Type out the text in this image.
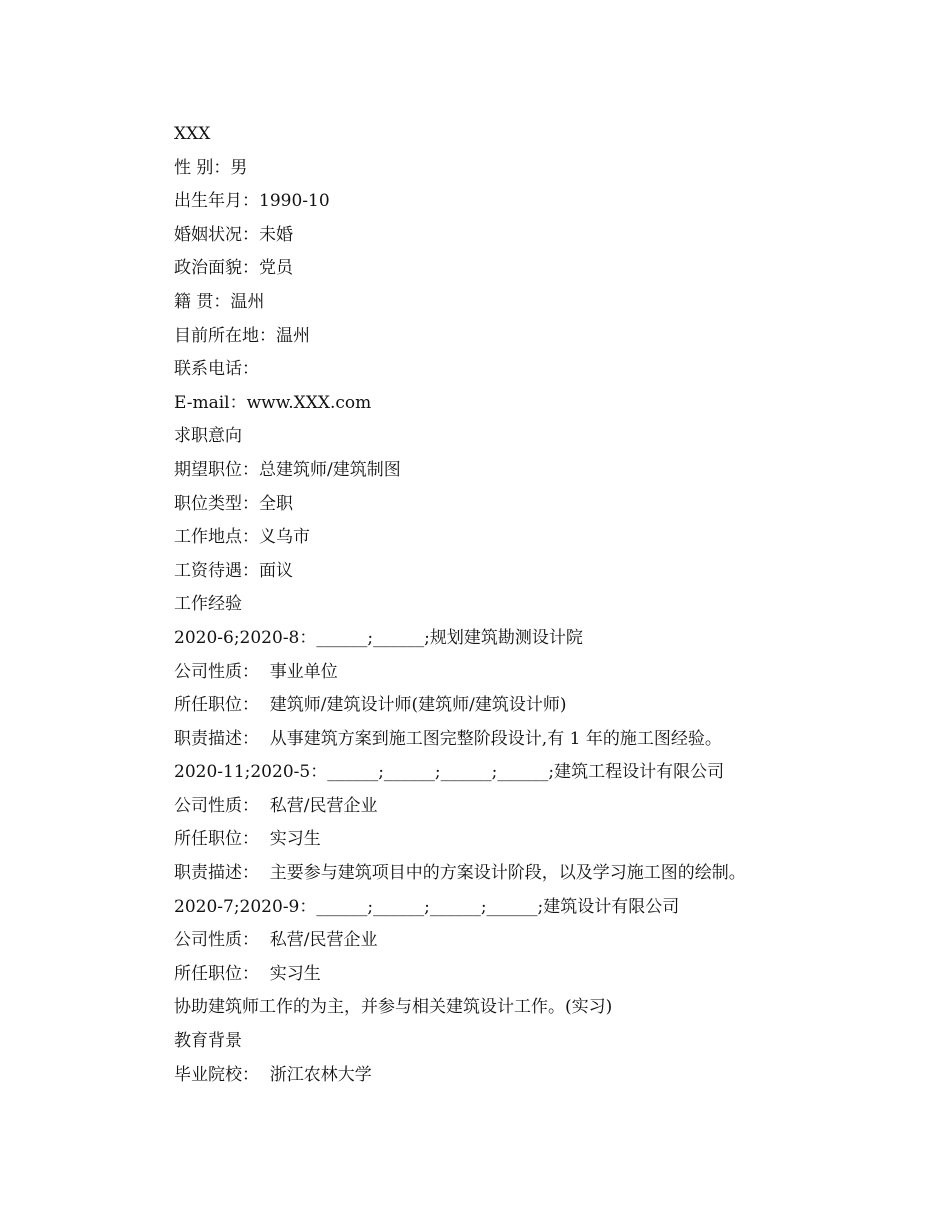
XXX
性 别：男
出生年月：1990-10
婚姻状况：未婚
政治面貌：党员
籍 贯：温州
目前所在地：温州
联系电话：
E-mail：www.XXX.com
求职意向
期望职位：总建筑师/建筑制图
职位类型：全职
工作地点：义乌市
工资待遇：面议
工作经验
2020-6;2020-8：______;______;规划建筑勘测设计院
公司性质：  事业单位
所任职位：  建筑师/建筑设计师(建筑师/建筑设计师)
职责描述：  从事建筑方案到施工图完整阶段设计,有 1 年的施工图经验。
2020-11;2020-5：______;______;______;______;建筑工程设计有限公司
公司性质：  私营/民营企业
所任职位：  实习生
职责描述：  主要参与建筑项目中的方案设计阶段，以及学习施工图的绘制。
2020-7;2020-9：______;______;______;______;建筑设计有限公司
公司性质：  私营/民营企业
所任职位：  实习生
协助建筑师工作的为主，并参与相关建筑设计工作。(实习)
教育背景
毕业院校：  浙江农林大学
